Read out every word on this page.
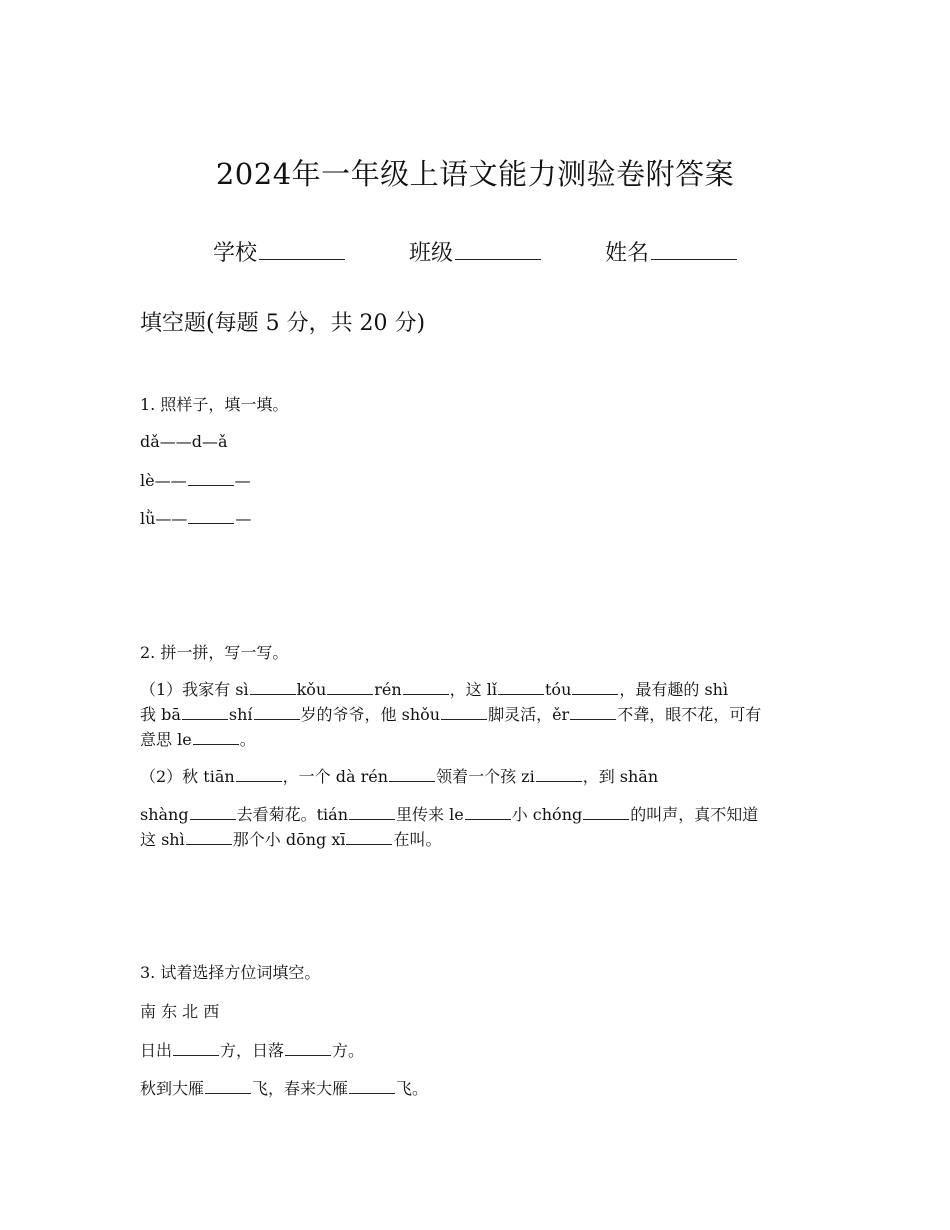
2024年一年级上语文能力测验卷附答案
学校	班级	姓名
填空题(每题 5 分，共 20 分)
1. 照样子，填一填。
dǎ——d—ǎ
lè——	—
lǜ——	—
2. 拼一拼，写一写。
（1）我家有 sì	kǒu	rén	，这 lǐ	tóu	，最有趣的 shì
我 bā	shí	岁的爷爷，他 shǒu	脚灵活，ěr	不聋，眼不花，可有
意思 le	。
（2）秋 tiān	，一个 dà rén	领着一个孩 zi	，到 shān
shàng	去看菊花。tián	里传来 le	小 chóng	的叫声，真不知道
这 shì	那个小 dōng xī	在叫。
3. 试着选择方位词填空。
南 东 北 西
日出	方，日落	方。
秋到大雁	飞，春来大雁	飞。
